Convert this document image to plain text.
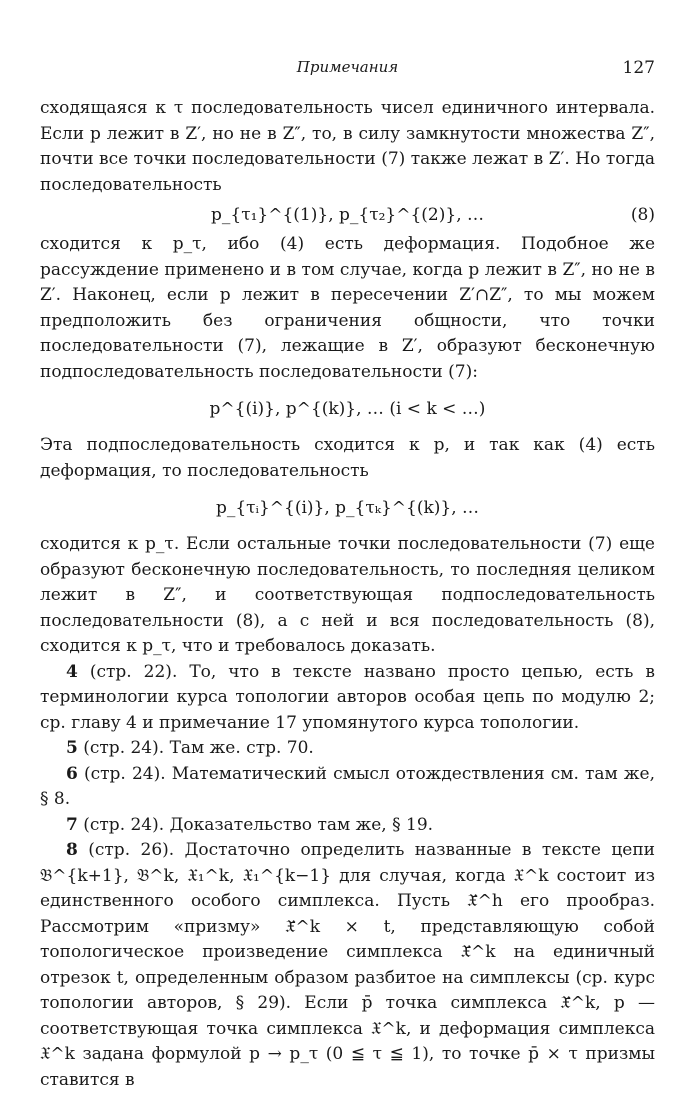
Примечания	127

сходящаяся к τ последовательность чисел единичного интервала. Если p лежит в Z′, но не в Z″, то, в силу замкнутости множества Z″, почти все точки последовательности (7) также лежат в Z′. Но тогда последовательность

p_{τ₁}^{(1)}, p_{τ₂}^{(2)}, …	(8)

сходится к p_τ, ибо (4) есть деформация. Подобное же рассуждение применено и в том случае, когда p лежит в Z″, но не в Z′. Наконец, если p лежит в пересечении Z′∩Z″, то мы можем предположить без ограничения общности, что точки последовательности (7), лежащие в Z′, образуют бесконечную подпоследовательность последовательности (7):

p^{(i)}, p^{(k)}, … (i < k < …)

Эта подпоследовательность сходится к p, и так как (4) есть деформация, то последовательность

p_{τᵢ}^{(i)}, p_{τₖ}^{(k)}, …

сходится к p_τ. Если остальные точки последовательности (7) еще образуют бесконечную последовательность, то последняя целиком лежит в Z″, и соответствующая подпоследовательность последовательности (8), а с ней и вся последовательность (8), сходится к p_τ, что и требовалось доказать.

4 (стр. 22). То, что в тексте названо просто цепью, есть в терминологии курса топологии авторов особая цепь по модулю 2; ср. главу 4 и примечание 17 упомянутого курса топологии.

5 (стр. 24). Там же. стр. 70.

6 (стр. 24). Математический смысл отождествления см. там же, § 8.

7 (стр. 24). Доказательство там же, § 19.

8 (стр. 26). Достаточно определить названные в тексте цепи 𝔅^{k+1}, 𝔅^k, 𝔛₁^k, 𝔛₁^{k−1} для случая, когда 𝔛^k состоит из единственного особого симплекса. Пусть 𝔛̄^h его прообраз. Рассмотрим «призму» 𝔛̄^k × t, представляющую собой топологическое произведение симплекса 𝔛̄^k на единичный отрезок t, определенным образом разбитое на симплексы (ср. курс топологии авторов, § 29). Если p̄ точка симплекса 𝔛̄^k, p — соответствующая точка симплекса 𝔛^k, и деформация симплекса 𝔛^k задана формулой p → p_τ (0 ≦ τ ≦ 1), то точке p̄ × τ призмы ставится в
